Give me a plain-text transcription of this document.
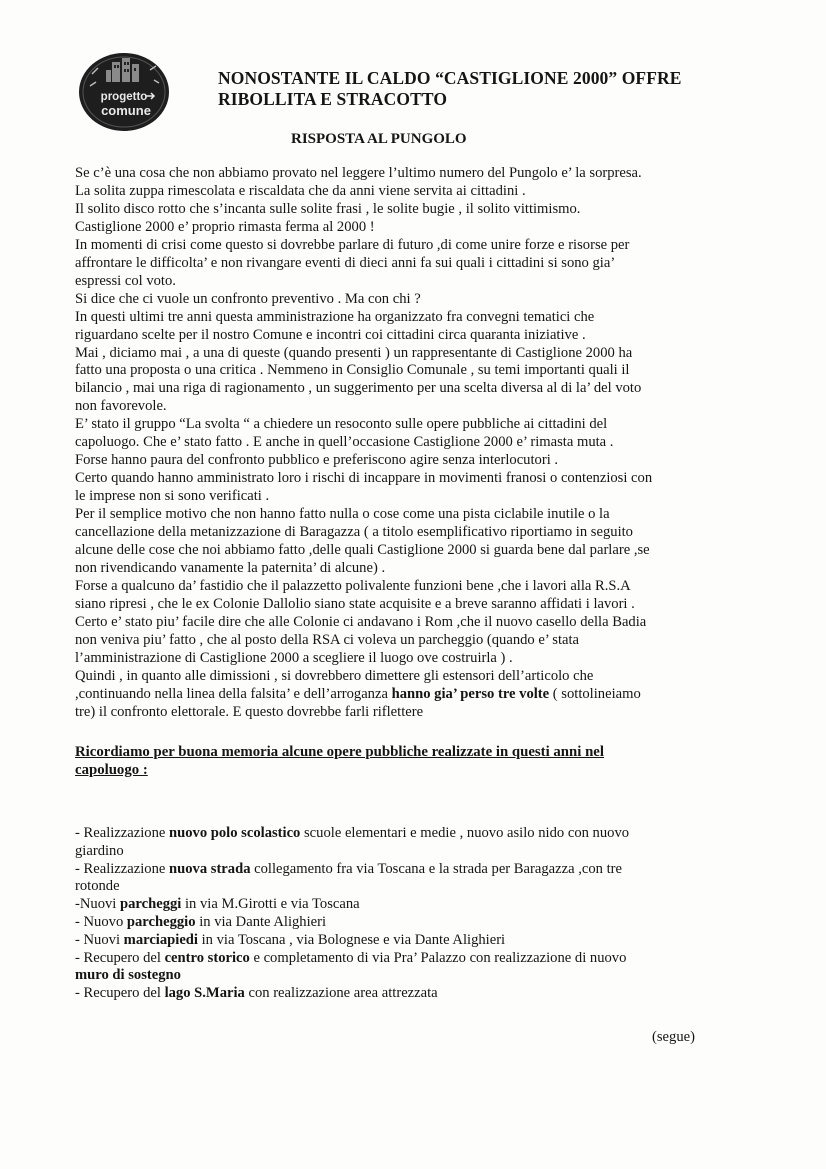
progetto
comune
NONOSTANTE IL CALDO “CASTIGLIONE 2000” OFFRE
RIBOLLITA E STRACOTTO
RISPOSTA AL PUNGOLO
Se c’è una cosa che non abbiamo provato nel leggere l’ultimo numero del Pungolo e’ la sorpresa.
La solita zuppa rimescolata e riscaldata che da anni viene servita ai cittadini .
Il solito disco rotto che s’incanta sulle solite frasi , le solite bugie , il solito vittimismo.
Castiglione 2000 e’ proprio rimasta ferma al 2000 !
In momenti di crisi come questo si dovrebbe parlare di futuro ,di come unire forze e risorse per
affrontare le difficolta’ e non rivangare eventi di dieci anni fa sui quali i cittadini si sono gia’
espressi col voto.
Si dice che ci vuole un confronto preventivo . Ma con chi ?
In questi ultimi tre anni questa amministrazione ha organizzato fra convegni tematici che
riguardano scelte per il nostro Comune e incontri coi cittadini circa quaranta iniziative .
Mai , diciamo mai , a una di queste (quando presenti ) un rappresentante di Castiglione 2000 ha
fatto una proposta o una critica . Nemmeno in Consiglio Comunale , su temi importanti quali il
bilancio , mai una riga di ragionamento , un suggerimento per una scelta diversa al di la’ del voto
non favorevole.
E’ stato il gruppo “La svolta “ a chiedere un resoconto sulle opere pubbliche ai cittadini del
capoluogo. Che e’ stato fatto . E anche in quell’occasione Castiglione 2000 e’ rimasta muta .
Forse hanno paura del confronto pubblico e preferiscono agire senza interlocutori .
Certo quando hanno amministrato loro i rischi di incappare in movimenti franosi o contenziosi con
le imprese non si sono verificati .
Per il semplice motivo che non hanno fatto nulla o cose come una pista ciclabile inutile o la
cancellazione della metanizzazione di Baragazza ( a titolo esemplificativo riportiamo in seguito
alcune delle cose che noi abbiamo fatto ,delle quali Castiglione 2000 si guarda bene dal parlare ,se
non rivendicando vanamente la paternita’ di alcune) .
Forse a qualcuno da’ fastidio che il palazzetto polivalente funzioni bene ,che i lavori alla R.S.A
siano ripresi , che le ex Colonie Dallolio siano state acquisite e a breve saranno affidati i lavori .
Certo e’ stato piu’ facile dire che alle Colonie ci andavano i Rom ,che il nuovo casello della Badia
non veniva piu’ fatto , che al posto della RSA ci voleva un parcheggio (quando e’ stata
l’amministrazione di Castiglione 2000 a scegliere il luogo ove costruirla ) .
Quindi , in quanto alle dimissioni , si dovrebbero dimettere gli estensori dell’articolo che
,continuando nella linea della falsita’ e dell’arroganza hanno gia’ perso tre volte ( sottolineiamo
tre) il confronto elettorale. E questo dovrebbe farli riflettere
Ricordiamo per buona memoria alcune opere pubbliche realizzate in questi anni nel
capoluogo :
- Realizzazione nuovo polo scolastico scuole elementari e medie , nuovo asilo nido con nuovo
giardino
- Realizzazione nuova strada collegamento fra via Toscana e la strada per Baragazza ,con tre
rotonde
-Nuovi parcheggi in via M.Girotti e via Toscana
- Nuovo parcheggio in via Dante Alighieri
- Nuovi marciapiedi in via Toscana , via Bolognese e via Dante Alighieri
- Recupero del centro storico e completamento di via Pra’ Palazzo con realizzazione di nuovo
muro di sostegno
- Recupero del lago S.Maria con realizzazione area attrezzata
(segue)
